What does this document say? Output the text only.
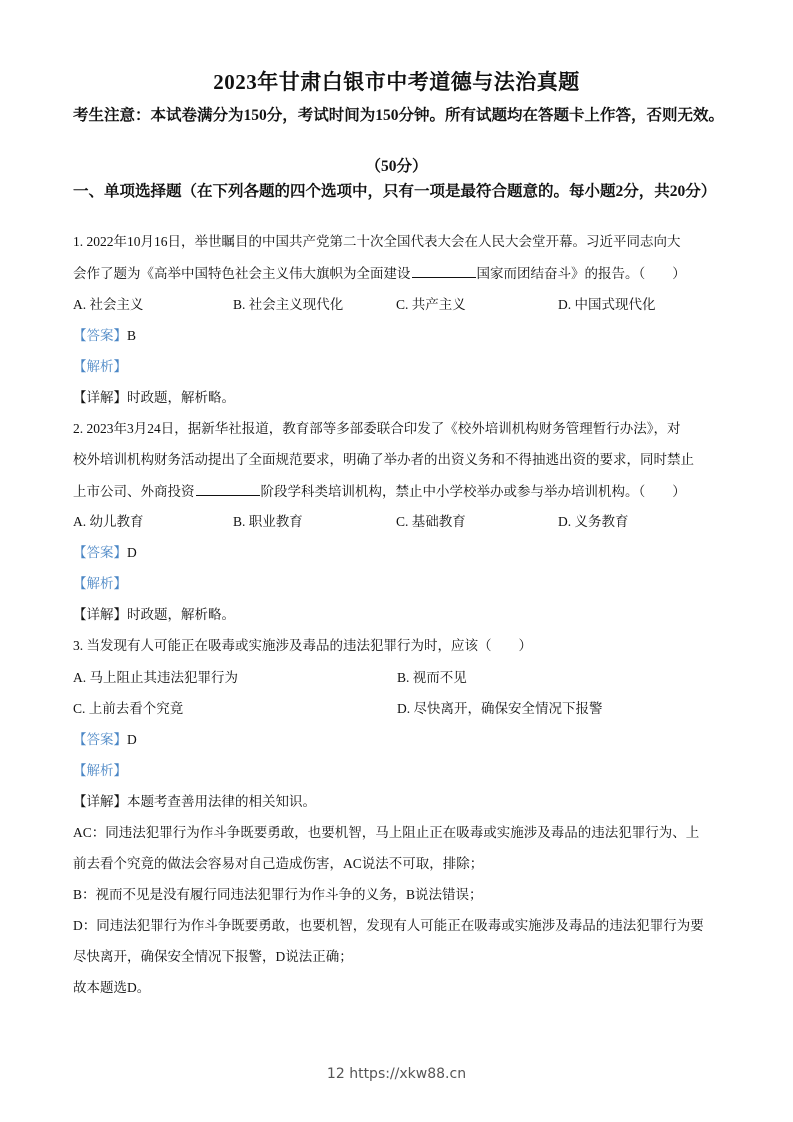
2023年甘肃白银市中考道德与法治真题
考生注意：本试卷满分为150分，考试时间为150分钟。所有试题均在答题卡上作答，否则无效。
（50分）
一、单项选择题（在下列各题的四个选项中，只有一项是最符合题意的。每小题2分，共20分）
1. 2022年10月16日，举世瞩目的中国共产党第二十次全国代表大会在人民大会堂开幕。习近平同志向大
会作了题为《高举中国特色社会主义伟大旗帜为全面建设	国家而团结奋斗》的报告。（　　）
A. 社会主义	B. 社会主义现代化	C. 共产主义	D. 中国式现代化
【答案】B
【解析】
【详解】时政题，解析略。
2. 2023年3月24日，据新华社报道，教育部等多部委联合印发了《校外培训机构财务管理暂行办法》，对
校外培训机构财务活动提出了全面规范要求，明确了举办者的出资义务和不得抽逃出资的要求，同时禁止
上市公司、外商投资	阶段学科类培训机构，禁止中小学校举办或参与举办培训机构。（　　）
A. 幼儿教育	B. 职业教育	C. 基础教育	D. 义务教育
【答案】D
【解析】
【详解】时政题，解析略。
3. 当发现有人可能正在吸毒或实施涉及毒品的违法犯罪行为时，应该（　　）
A. 马上阻止其违法犯罪行为	B. 视而不见
C. 上前去看个究竟	D. 尽快离开，确保安全情况下报警
【答案】D
【解析】
【详解】本题考查善用法律的相关知识。
AC：同违法犯罪行为作斗争既要勇敢，也要机智，马上阻止正在吸毒或实施涉及毒品的违法犯罪行为、上
前去看个究竟的做法会容易对自己造成伤害，AC说法不可取，排除；
B：视而不见是没有履行同违法犯罪行为作斗争的义务，B说法错误；
D：同违法犯罪行为作斗争既要勇敢，也要机智，发现有人可能正在吸毒或实施涉及毒品的违法犯罪行为要
尽快离开，确保安全情况下报警，D说法正确；
故本题选D。
12 https://xkw88.cn
